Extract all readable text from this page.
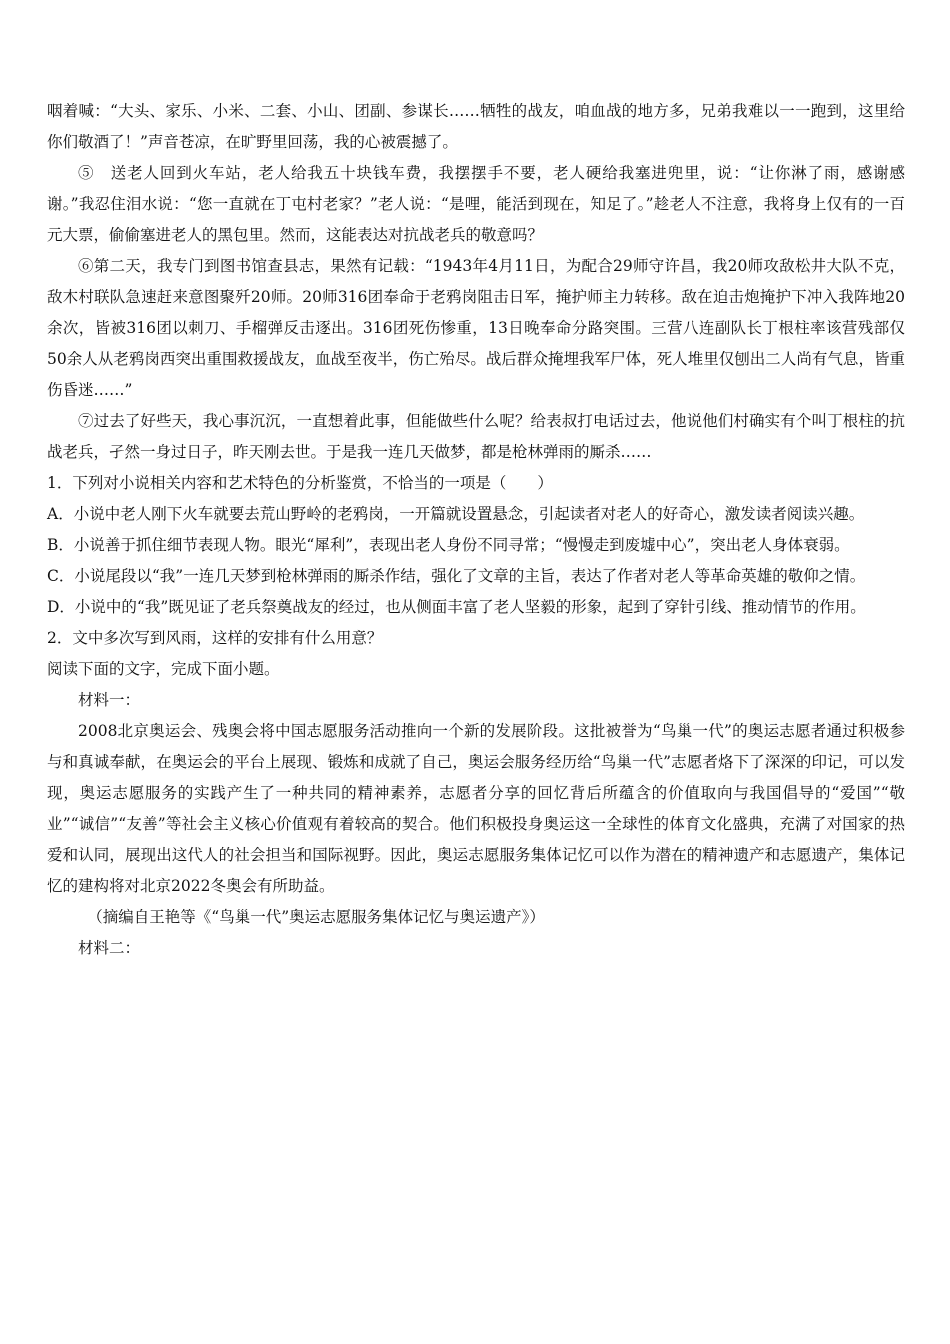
咽着喊：“大头、家乐、小米、二套、小山、团副、参谋长……牺牲的战友，咱血战的地方多，兄弟我难以一一跑到，这里给你们敬酒了！”声音苍凉，在旷野里回荡，我的心被震撼了。

⑤　送老人回到火车站，老人给我五十块钱车费，我摆摆手不要，老人硬给我塞进兜里，说：“让你淋了雨，感谢感谢。”我忍住泪水说：“您一直就在丁屯村老家？”老人说：“是哩，能活到现在，知足了。”趁老人不注意，我将身上仅有的一百元大票，偷偷塞进老人的黑包里。然而，这能表达对抗战老兵的敬意吗？

⑥第二天，我专门到图书馆查县志，果然有记载：“1943年4月11日，为配合29师守许昌，我20师攻敌松井大队不克，敌木村联队急速赶来意图聚歼20师。20师316团奉命于老鸦岗阻击日军，掩护师主力转移。敌在迫击炮掩护下冲入我阵地20余次，皆被316团以刺刀、手榴弹反击逐出。316团死伤惨重，13日晚奉命分路突围。三营八连副队长丁根柱率该营残部仅50余人从老鸦岗西突出重围救援战友，血战至夜半，伤亡殆尽。战后群众掩埋我军尸体，死人堆里仅刨出二人尚有气息，皆重伤昏迷……”

⑦过去了好些天，我心事沉沉，一直想着此事，但能做些什么呢？给表叔打电话过去，他说他们村确实有个叫丁根柱的抗战老兵，孑然一身过日子，昨天刚去世。于是我一连几天做梦，都是枪林弹雨的厮杀……

1．下列对小说相关内容和艺术特色的分析鉴赏，不恰当的一项是（　　）

A．小说中老人刚下火车就要去荒山野岭的老鸦岗，一开篇就设置悬念，引起读者对老人的好奇心，激发读者阅读兴趣。

B．小说善于抓住细节表现人物。眼光“犀利”，表现出老人身份不同寻常；“慢慢走到废墟中心”，突出老人身体衰弱。

C．小说尾段以“我”一连几天梦到枪林弹雨的厮杀作结，强化了文章的主旨，表达了作者对老人等革命英雄的敬仰之情。

D．小说中的“我”既见证了老兵祭奠战友的经过，也从侧面丰富了老人坚毅的形象，起到了穿针引线、推动情节的作用。

2．文中多次写到风雨，这样的安排有什么用意？

阅读下面的文字，完成下面小题。

材料一：

2008北京奥运会、残奥会将中国志愿服务活动推向一个新的发展阶段。这批被誉为“鸟巢一代”的奥运志愿者通过积极参与和真诚奉献，在奥运会的平台上展现、锻炼和成就了自己，奥运会服务经历给“鸟巢一代”志愿者烙下了深深的印记，可以发现，奥运志愿服务的实践产生了一种共同的精神素养，志愿者分享的回忆背后所蕴含的价值取向与我国倡导的“爱国”“敬业”“诚信”“友善”等社会主义核心价值观有着较高的契合。他们积极投身奥运这一全球性的体育文化盛典，充满了对国家的热爱和认同，展现出这代人的社会担当和国际视野。因此，奥运志愿服务集体记忆可以作为潜在的精神遗产和志愿遗产，集体记忆的建构将对北京2022冬奥会有所助益。

（摘编自王艳等《“鸟巢一代”奥运志愿服务集体记忆与奥运遗产》）

材料二：
